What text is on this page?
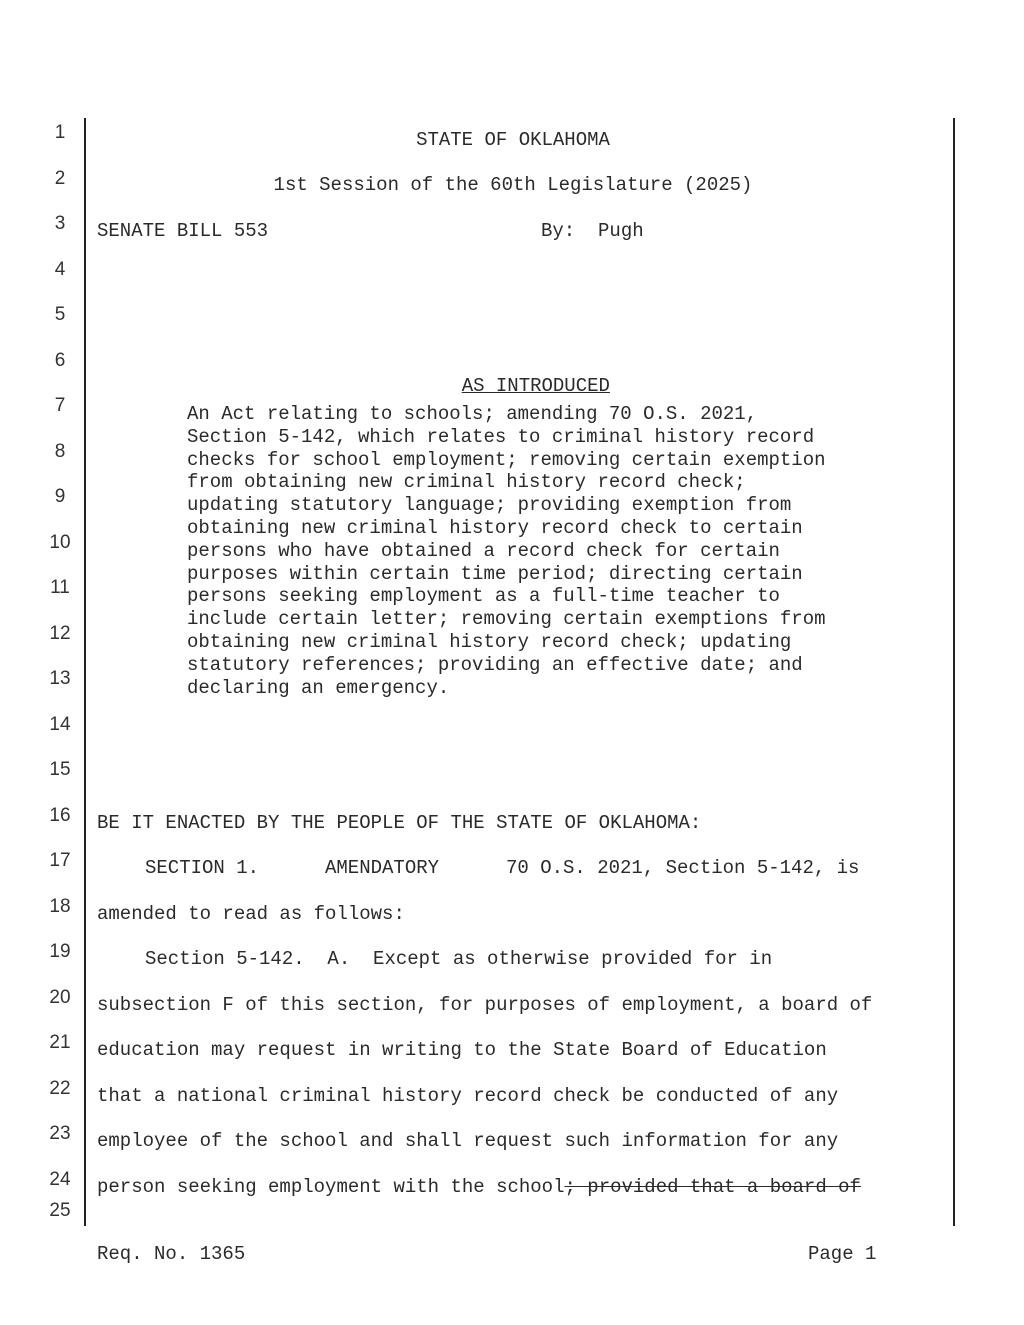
1
2
3
4
5
6
7
8
9
10
11
12
13
14
15
16
17
18
19
20
21
22
23
24
25
STATE OF OKLAHOMA
1st Session of the 60th Legislature (2025)
SENATE BILL 553	By:  Pugh

AS INTRODUCED

An Act relating to schools; amending 70 O.S. 2021, Section 5-142, which relates to criminal history record checks for school employment; removing certain exemption from obtaining new criminal history record check; updating statutory language; providing exemption from obtaining new criminal history record check to certain persons who have obtained a record check for certain purposes within certain time period; directing certain persons seeking employment as a full-time teacher to include certain letter; removing certain exemptions from obtaining new criminal history record check; updating statutory references; providing an effective date; and declaring an emergency.

BE IT ENACTED BY THE PEOPLE OF THE STATE OF OKLAHOMA:
SECTION 1.	AMENDATORY	70 O.S. 2021, Section 5-142, is
amended to read as follows:
Section 5-142.  A.  Except as otherwise provided for in
subsection F of this section, for purposes of employment, a board of
education may request in writing to the State Board of Education
that a national criminal history record check be conducted of any
employee of the school and shall request such information for any
person seeking employment with the school; provided that a board of
Req. No. 1365	Page 1
